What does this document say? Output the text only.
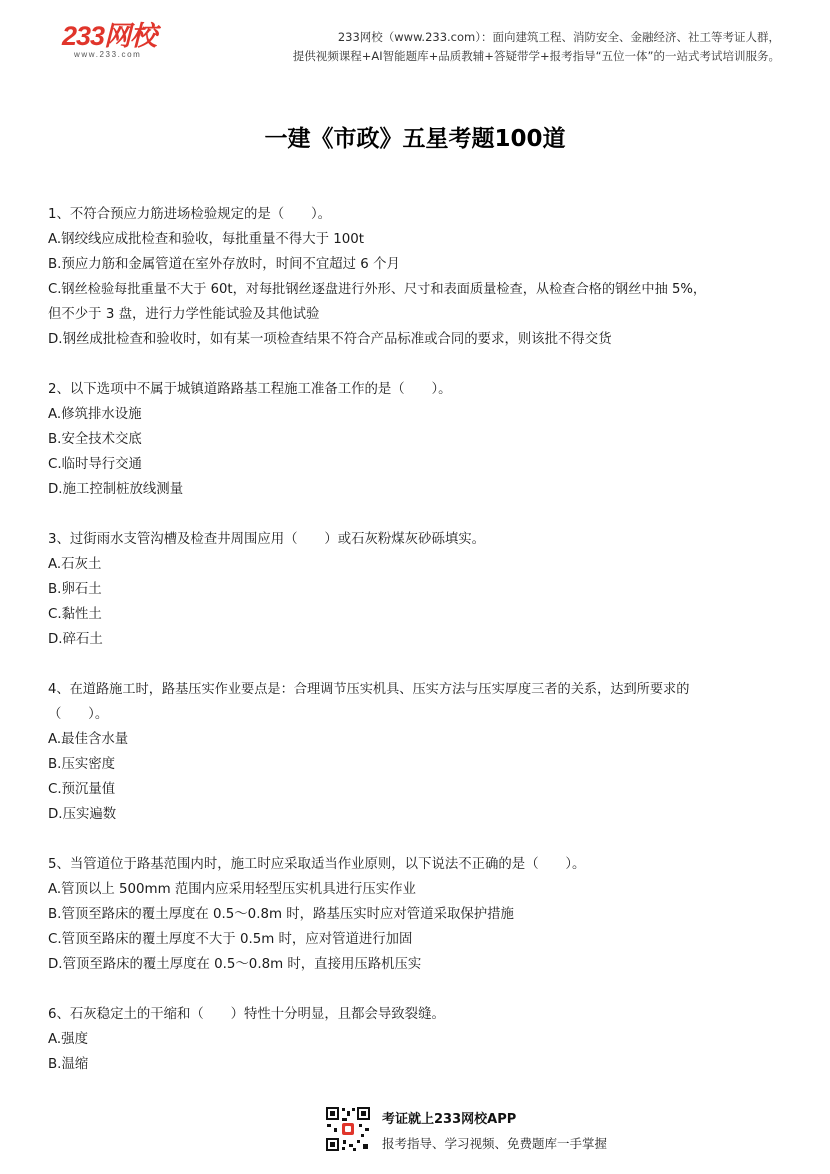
233网校
www.233.com
233网校（www.233.com）：面向建筑工程、消防安全、金融经济、社工等考证人群，
提供视频课程+AI智能题库+品质教辅+答疑带学+报考指导“五位一体”的一站式考试培训服务。
一建《市政》五星考题100道

1、不符合预应力筋进场检验规定的是（　　）。

A.钢绞线应成批检查和验收，每批重量不得大于 100t

B.预应力筋和金属管道在室外存放时，时间不宜超过 6 个月

C.钢丝检验每批重量不大于 60t，对每批钢丝逐盘进行外形、尺寸和表面质量检查，从检查合格的钢丝中抽 5%，

但不少于 3 盘，进行力学性能试验及其他试验

D.钢丝成批检查和验收时，如有某一项检查结果不符合产品标准或合同的要求，则该批不得交货

2、以下选项中不属于城镇道路路基工程施工准备工作的是（　　）。

A.修筑排水设施

B.安全技术交底

C.临时导行交通

D.施工控制桩放线测量

3、过街雨水支管沟槽及检查井周围应用（　　）或石灰粉煤灰砂砾填实。

A.石灰土

B.卵石土

C.黏性土

D.碎石土

4、在道路施工时，路基压实作业要点是：合理调节压实机具、压实方法与压实厚度三者的关系，达到所要求的

（　　）。

A.最佳含水量

B.压实密度

C.预沉量值

D.压实遍数

5、当管道位于路基范围内时，施工时应采取适当作业原则，以下说法不正确的是（　　）。

A.管顶以上 500mm 范围内应采用轻型压实机具进行压实作业

B.管顶至路床的覆土厚度在 0.5～0.8m 时，路基压实时应对管道采取保护措施

C.管顶至路床的覆土厚度不大于 0.5m 时，应对管道进行加固

D.管顶至路床的覆土厚度在 0.5～0.8m 时，直接用压路机压实

6、石灰稳定土的干缩和（　　）特性十分明显，且都会导致裂缝。

A.强度

B.温缩

考证就上233网校APP
报考指导、学习视频、免费题库一手掌握
